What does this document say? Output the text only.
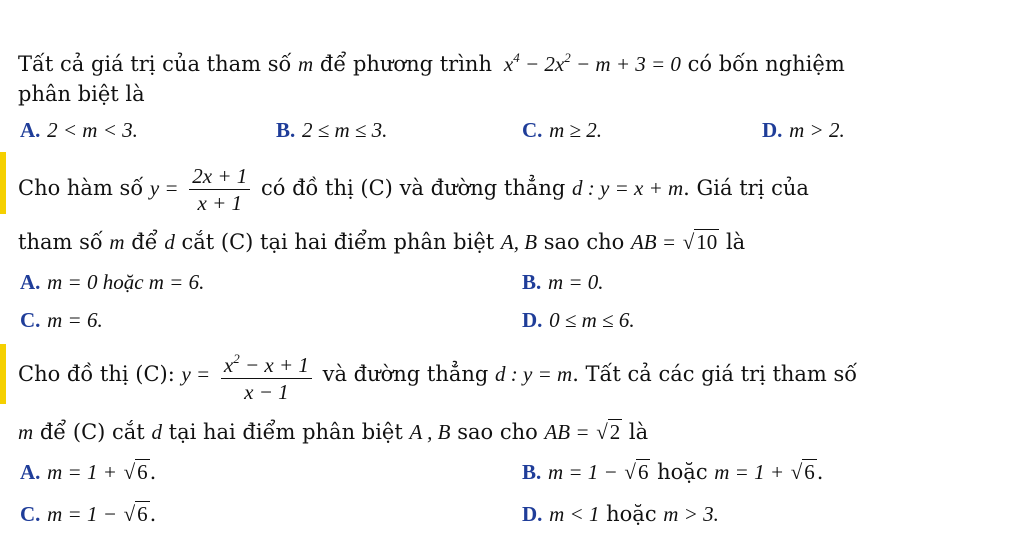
Tất cả giá trị của tham số m để phương trình $x^4 - 2x^2 - m + 3 = 0$ có bốn nghiệm
phân biệt là
A. 2 < m < 3.	B. 2 ≤ m ≤ 3.	C. m ≥ 2.	D. m > 2.
Cho hàm số $y = \frac{2x + 1}{x + 1}$ có đồ thị (C) và đường thẳng d : y = x + m. Giá trị của
tham số m để d cắt (C) tại hai điểm phân biệt A, B sao cho AB = √10 là
A. m = 0 hoặc m = 6.	B. m = 0.
C. m = 6.	D. 0 ≤ m ≤ 6.
Cho đồ thị (C): $y = \frac{x^2 - x + 1}{x - 1}$ và đường thẳng d : y = m. Tất cả các giá trị tham số
m để (C) cắt d tại hai điểm phân biệt A , B sao cho AB = √2 là
A. m = 1 + √6.	B. m = 1 − √6 hoặc m = 1 + √6.
C. m = 1 − √6.	D. m < 1 hoặc m > 3.
